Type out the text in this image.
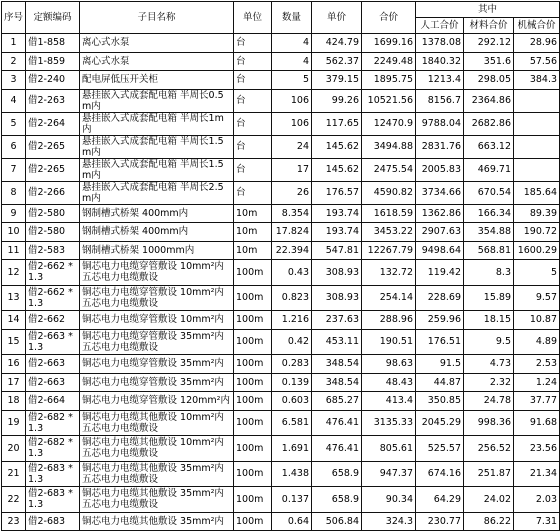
序号	定额编码	子目名称	单位	数量	单价	合价	其中		
							人工合价	材料合价	机械合价
1	借1-858	离心式水泵	台	4	424.79	1699.16	1378.08	292.12	28.96
2	借1-859	离心式水泵	台	4	562.37	2249.48	1840.32	351.6	57.56
3	借2-240	配电屏低压开关柜	台	5	379.15	1895.75	1213.4	298.05	384.3
4	借2-263	悬挂嵌入式成套配电箱 半周长0.5m内	台	106	99.26	10521.56	8156.7	2364.86	
5	借2-264	悬挂嵌入式成套配电箱 半周长1m内	台	106	117.65	12470.9	9788.04	2682.86	
6	借2-265	悬挂嵌入式成套配电箱 半周长1.5m内	台	24	145.62	3494.88	2831.76	663.12	
7	借2-265	悬挂嵌入式成套配电箱 半周长1.5m内	台	17	145.62	2475.54	2005.83	469.71	
8	借2-266	悬挂嵌入式成套配电箱 半周长2.5m内	台	26	176.57	4590.82	3734.66	670.54	185.64
9	借2-580	钢制槽式桥架 400mm内	10m	8.354	193.74	1618.59	1362.86	166.34	89.39
10	借2-580	钢制槽式桥架 400mm内	10m	17.824	193.74	3453.22	2907.63	354.88	190.72
11	借2-583	钢制槽式桥架 1000mm内	10m	22.394	547.81	12267.79	9498.64	568.81	1600.29
12	借2-662 *1.3	铜芯电力电缆穿管敷设 10mm²内 五芯电力电缆敷设	100m	0.43	308.93	132.72	119.42	8.3	5
13	借2-662 *1.3	铜芯电力电缆穿管敷设 10mm²内 五芯电力电缆敷设	100m	0.823	308.93	254.14	228.69	15.89	9.57
14	借2-662	铜芯电力电缆穿管敷设 10mm²内	100m	1.216	237.63	288.96	259.96	18.15	10.87
15	借2-663 *1.3	铜芯电力电缆穿管敷设 35mm²内 五芯电力电缆敷设	100m	0.42	453.11	190.51	176.51	9.5	4.89
16	借2-663	铜芯电力电缆穿管敷设 35mm²内	100m	0.283	348.54	98.63	91.5	4.73	2.53
17	借2-663	铜芯电力电缆穿管敷设 35mm²内	100m	0.139	348.54	48.43	44.87	2.32	1.24
18	借2-664	铜芯电力电缆穿管敷设 120mm²内	100m	0.603	685.27	413.4	350.85	24.78	37.77
19	借2-682 *1.3	铜芯电力电缆其他敷设 10mm²内 五芯电力电缆敷设	100m	6.581	476.41	3135.33	2045.29	998.36	91.68
20	借2-682 *1.3	铜芯电力电缆其他敷设 10mm²内 五芯电力电缆敷设	100m	1.691	476.41	805.61	525.57	256.52	23.56
21	借2-683 *1.3	铜芯电力电缆其他敷设 35mm²内 五芯电力电缆敷设	100m	1.438	658.9	947.37	674.16	251.87	21.34
22	借2-683 *1.3	铜芯电力电缆其他敷设 35mm²内 五芯电力电缆敷设	100m	0.137	658.9	90.34	64.29	24.02	2.03
23	借2-683	铜芯电力电缆其他敷设 35mm²内	100m	0.64	506.84	324.3	230.77	86.22	7.31
